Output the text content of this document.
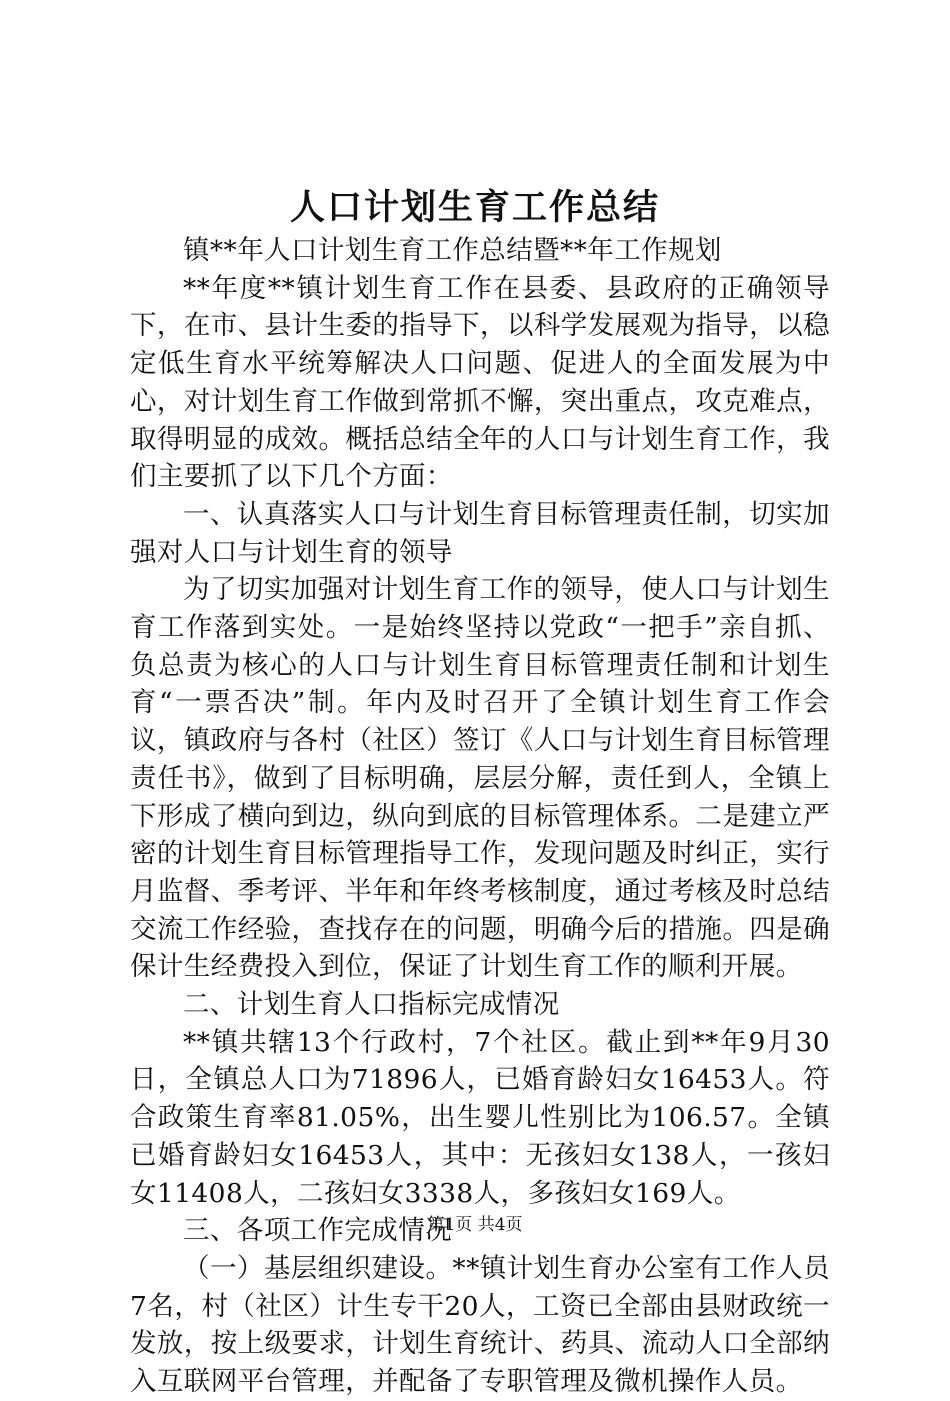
人口计划生育工作总结

镇**年人口计划生育工作总结暨**年工作规划

**年度**镇计划生育工作在县委、县政府的正确领导下，在市、县计生委的指导下，以科学发展观为指导，以稳定低生育水平统筹解决人口问题、促进人的全面发展为中心，对计划生育工作做到常抓不懈，突出重点，攻克难点，取得明显的成效。概括总结全年的人口与计划生育工作，我们主要抓了以下几个方面：

一、认真落实人口与计划生育目标管理责任制，切实加强对人口与计划生育的领导

为了切实加强对计划生育工作的领导，使人口与计划生育工作落到实处。一是始终坚持以党政“一把手”亲自抓、负总责为核心的人口与计划生育目标管理责任制和计划生育“一票否决”制。年内及时召开了全镇计划生育工作会议，镇政府与各村（社区）签订《人口与计划生育目标管理责任书》，做到了目标明确，层层分解，责任到人，全镇上下形成了横向到边，纵向到底的目标管理体系。二是建立严密的计划生育目标管理指导工作，发现问题及时纠正，实行月监督、季考评、半年和年终考核制度，通过考核及时总结交流工作经验，查找存在的问题，明确今后的措施。四是确保计生经费投入到位，保证了计划生育工作的顺利开展。

二、计划生育人口指标完成情况

**镇共辖13个行政村，7个社区。截止到**年9月30日，全镇总人口为71896人，已婚育龄妇女16453人。符合政策生育率81.05%，出生婴儿性别比为106.57。全镇已婚育龄妇女16453人，其中：无孩妇女138人，一孩妇女11408人，二孩妇女3338人，多孩妇女169人。

三、各项工作完成情况

（一）基层组织建设。**镇计划生育办公室有工作人员7名，村（社区）计生专干20人，工资已全部由县财政统一发放，按上级要求，计划生育统计、药具、流动人口全部纳入互联网平台管理，并配备了专职管理及微机操作人员。

第1页 共4页
